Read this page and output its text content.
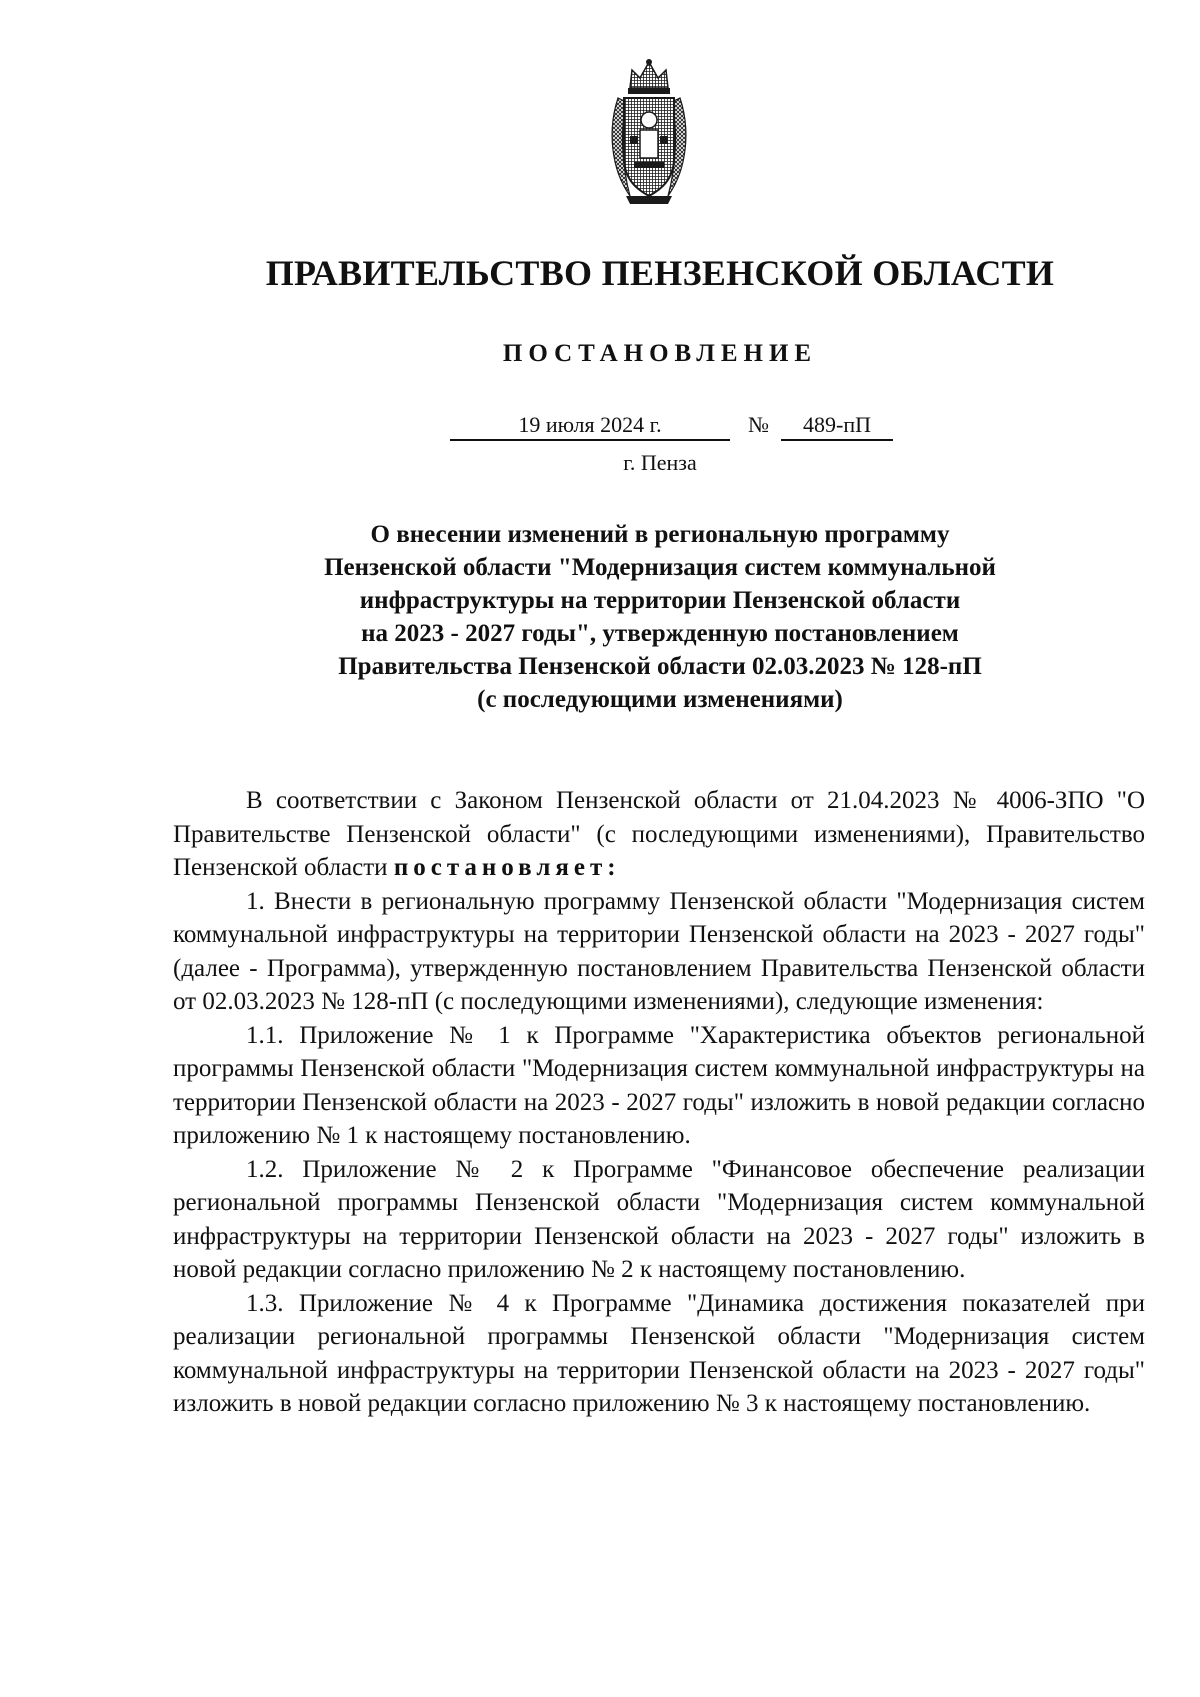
ПРАВИТЕЛЬСТВО ПЕНЗЕНСКОЙ ОБЛАСТИ
ПОСТАНОВЛЕНИЕ
19 июля 2024 г.	№	489-пП
г. Пенза
О внесении изменений в региональную программу
Пензенской области "Модернизация систем коммунальной
инфраструктуры на территории Пензенской области
на 2023 - 2027 годы", утвержденную постановлением
Правительства Пензенской области 02.03.2023 № 128-пП
(с последующими изменениями)

В соответствии с Законом Пензенской области от 21.04.2023 № 4006-ЗПО "О Правительстве Пензенской области" (с последующими изменениями), Правительство Пензенской области постановляет:

1. Внести в региональную программу Пензенской области "Модернизация систем коммунальной инфраструктуры на территории Пензенской области на 2023 - 2027 годы" (далее - Программа), утвержденную постановлением Правительства Пензенской области от 02.03.2023 № 128-пП (с последующими изменениями), следующие изменения:

1.1. Приложение № 1 к Программе "Характеристика объектов региональной программы Пензенской области "Модернизация систем коммунальной инфраструктуры на территории Пензенской области на 2023 - 2027 годы" изложить в новой редакции согласно приложению № 1 к настоящему постановлению.

1.2. Приложение № 2 к Программе "Финансовое обеспечение реализации региональной программы Пензенской области "Модернизация систем коммунальной инфраструктуры на территории Пензенской области на 2023 - 2027 годы" изложить в новой редакции согласно приложению № 2 к настоящему постановлению.

1.3. Приложение № 4 к Программе "Динамика достижения показателей при реализации региональной программы Пензенской области "Модернизация систем коммунальной инфраструктуры на территории Пензенской области на 2023 - 2027 годы" изложить в новой редакции согласно приложению № 3 к настоящему постановлению.
